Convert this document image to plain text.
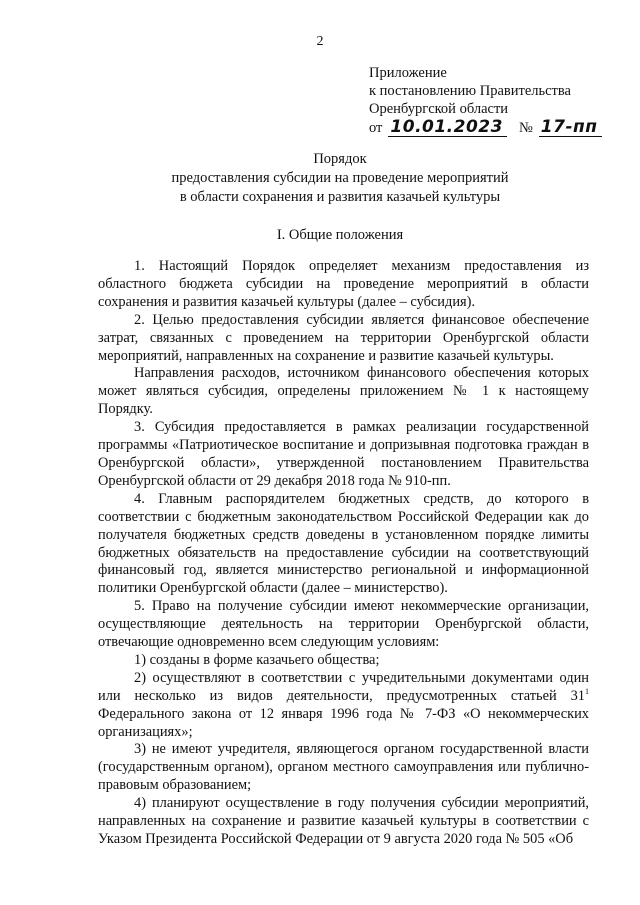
2
Приложение
к постановлению Правительства
Оренбургской области
от 10.01.2023 № 17-пп
Порядок
предоставления субсидии на проведение мероприятий
в области сохранения и развития казачьей культуры
I. Общие положения

1. Настоящий Порядок определяет механизм предоставления из областного бюджета субсидии на проведение мероприятий в области сохранения и развития казачьей культуры (далее – субсидия).

2. Целью предоставления субсидии является финансовое обеспечение затрат, связанных с проведением на территории Оренбургской области мероприятий, направленных на сохранение и развитие казачьей культуры.

Направления расходов, источником финансового обеспечения которых может являться субсидия, определены приложением № 1 к настоящему Порядку.

3. Субсидия предоставляется в рамках реализации государственной программы «Патриотическое воспитание и допризывная подготовка граждан в Оренбургской области», утвержденной постановлением Правительства Оренбургской области от 29 декабря 2018 года № 910-пп.

4. Главным распорядителем бюджетных средств, до которого в соответствии с бюджетным законодательством Российской Федерации как до получателя бюджетных средств доведены в установленном порядке лимиты бюджетных обязательств на предоставление субсидии на соответствующий финансовый год, является министерство региональной и информационной политики Оренбургской области (далее – министерство).

5. Право на получение субсидии имеют некоммерческие организации, осуществляющие деятельность на территории Оренбургской области, отвечающие одновременно всем следующим условиям:

1) созданы в форме казачьего общества;

2) осуществляют в соответствии с учредительными документами один или несколько из видов деятельности, предусмотренных статьей $31^1$ Федерального закона от 12 января 1996 года № 7-ФЗ «О некоммерческих организациях»;

3) не имеют учредителя, являющегося органом государственной власти (государственным органом), органом местного самоуправления или публично-правовым образованием;

4) планируют осуществление в году получения субсидии мероприятий, направленных на сохранение и развитие казачьей культуры в соответствии с Указом Президента Российской Федерации от 9 августа 2020 года № 505 «Об
